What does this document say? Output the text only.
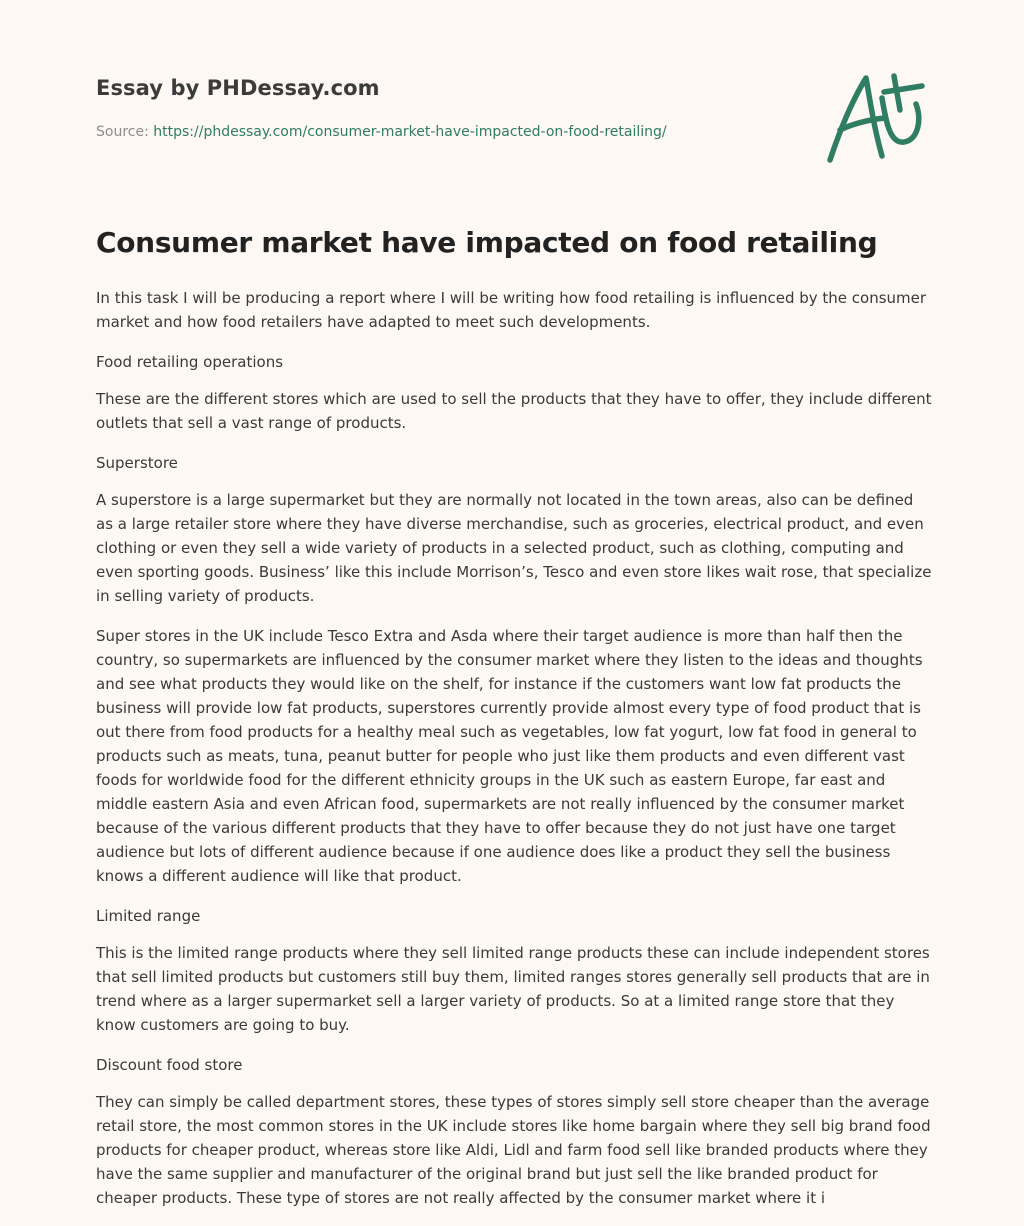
Essay by PHDessay.com

Source: https://phdessay.com/consumer-market-have-impacted-on-food-retailing/

Consumer market have impacted on food retailing

In this task I will be producing a report where I will be writing how food retailing is influenced by the consumer market and how food retailers have adapted to meet such developments.

Food retailing operations

These are the different stores which are used to sell the products that they have to offer, they include different outlets that sell a vast range of products.

Superstore

A superstore is a large supermarket but they are normally not located in the town areas, also can be defined as a large retailer store where they have diverse merchandise, such as groceries, electrical product, and even clothing or even they sell a wide variety of products in a selected product, such as clothing, computing and even sporting goods. Business’ like this include Morrison’s, Tesco and even store likes wait rose, that specialize in selling variety of products.

Super stores in the UK include Tesco Extra and Asda where their target audience is more than half then the country, so supermarkets are influenced by the consumer market where they listen to the ideas and thoughts and see what products they would like on the shelf, for instance if the customers want low fat products the business will provide low fat products, superstores currently provide almost every type of food product that is out there from food products for a healthy meal such as vegetables, low fat yogurt, low fat food in general to products such as meats, tuna, peanut butter for people who just like them products and even different vast foods for worldwide food for the different ethnicity groups in the UK such as eastern Europe, far east and middle eastern Asia and even African food, supermarkets are not really influenced by the consumer market because of the various different products that they have to offer because they do not just have one target audience but lots of different audience because if one audience does like a product they sell the business knows a different audience will like that product.

Limited range

This is the limited range products where they sell limited range products these can include independent stores that sell limited products but customers still buy them, limited ranges stores generally sell products that are in trend where as a larger supermarket sell a larger variety of products. So at a limited range store that they know customers are going to buy.

Discount food store

They can simply be called department stores, these types of stores simply sell store cheaper than the average retail store, the most common stores in the UK include stores like home bargain where they sell big brand food products for cheaper product, whereas store like Aldi, Lidl and farm food sell like branded products where they have the same supplier and manufacturer of the original brand but just sell the like branded product for cheaper products. These type of stores are not really affected by the consumer market where it i
